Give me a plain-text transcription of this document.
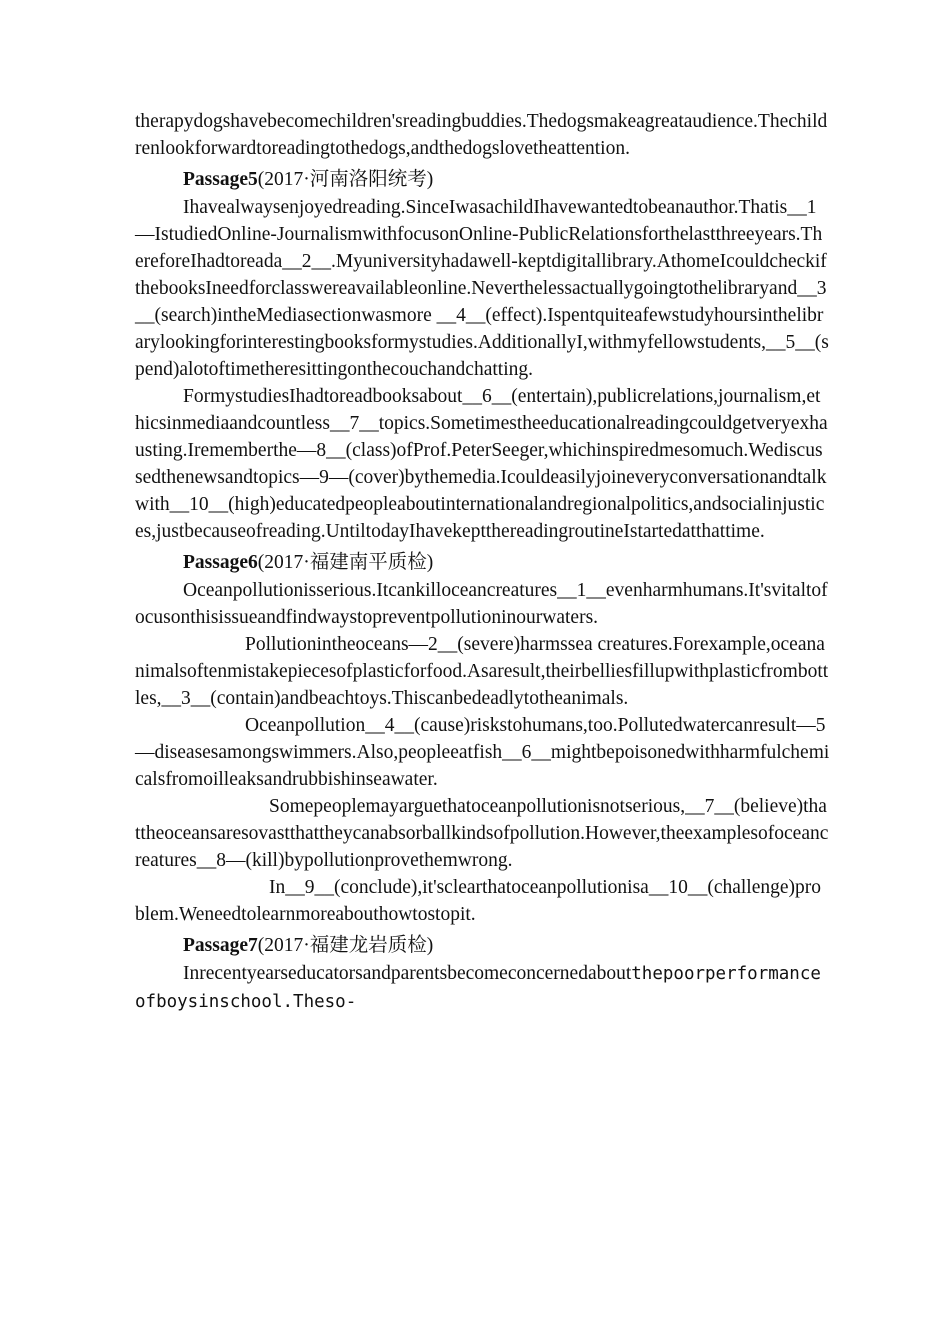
therapydogshavebecomechildren'sreadingbuddies.Thedogsmakeagreataudience.Thechildrenlookforwardtoreadingtothedogs,andthedogslovetheattention.

Passage5(2017·河南洛阳统考)

Ihavealwaysenjoyedreading.SinceIwasachildIhavewantedtobeanauthor.Thatis__1—IstudiedOnline-JournalismwithfocusonOnline-PublicRelationsforthelastthreeyears.ThereforeIhadtoreada__2__.Myuniversityhadawell-keptdigitallibrary.AthomeIcouldcheckifthebooksIneedforclasswereavailableonline.Neverthelessactuallygoingtothelibraryand__3__(search)intheMediasectionwasmore __4__(effect).Ispentquiteafewstudyhoursinthelibrarylookingforinterestingbooksformystudies.AdditionallyI,withmyfellowstudents,__5__(spend)alotoftimetheresittingonthecouchandchatting.

FormystudiesIhadtoreadbooksabout__6__(entertain),publicrelations,journalism,ethicsinmediaandcountless__7__topics.Sometimestheeducationalreadingcouldgetveryexhausting.Irememberthe—8__(class)ofProf.PeterSeeger,whichinspiredmesomuch.Wediscussedthenewsandtopics—9—(cover)bythemedia.Icouldeasilyjoineveryconversationandtalkwith__10__(high)educatedpeopleaboutinternationalandregionalpolitics,andsocialinjustices,justbecauseofreading.UntiltodayIhavekeptthereadingroutineIstartedatthattime.

Passage6(2017·福建南平质检)

Oceanpollutionisserious.Itcankilloceancreatures__1__evenharmhumans.It'svitaltofocusonthisissueandfindwaystopreventpollutioninourwaters.

Pollutionintheoceans—2__(severe)harmssea creatures.Forexample,oceananimalsoftenmistakepiecesofplasticforfood.Asaresult,theirbelliesfillupwithplasticfrombottles,__3__(contain)andbeachtoys.Thiscanbedeadlytotheanimals.

Oceanpollution__4__(cause)riskstohumans,too.Pollutedwatercanresult—5—diseasesamongswimmers.Also,peopleeatfish__6__mightbepoisonedwithharmfulchemicalsfromoilleaksandrubbishinseawater.

Somepeoplemayarguethatoceanpollutionisnotserious,__7__(believe)thattheoceansaresovastthattheycanabsorballkindsofpollution.However,theexamplesofoceancreatures__8—(kill)bypollutionprovethemwrong.

In__9__(conclude),it'sclearthatoceanpollutionisa__10__(challenge)problem.Weneedtolearnmoreabouthowtostopit.

Passage7(2017·福建龙岩质检)

Inrecentyearseducatorsandparentsbecomeconcernedaboutthepoorperformanceofboysinschool.Theso-
